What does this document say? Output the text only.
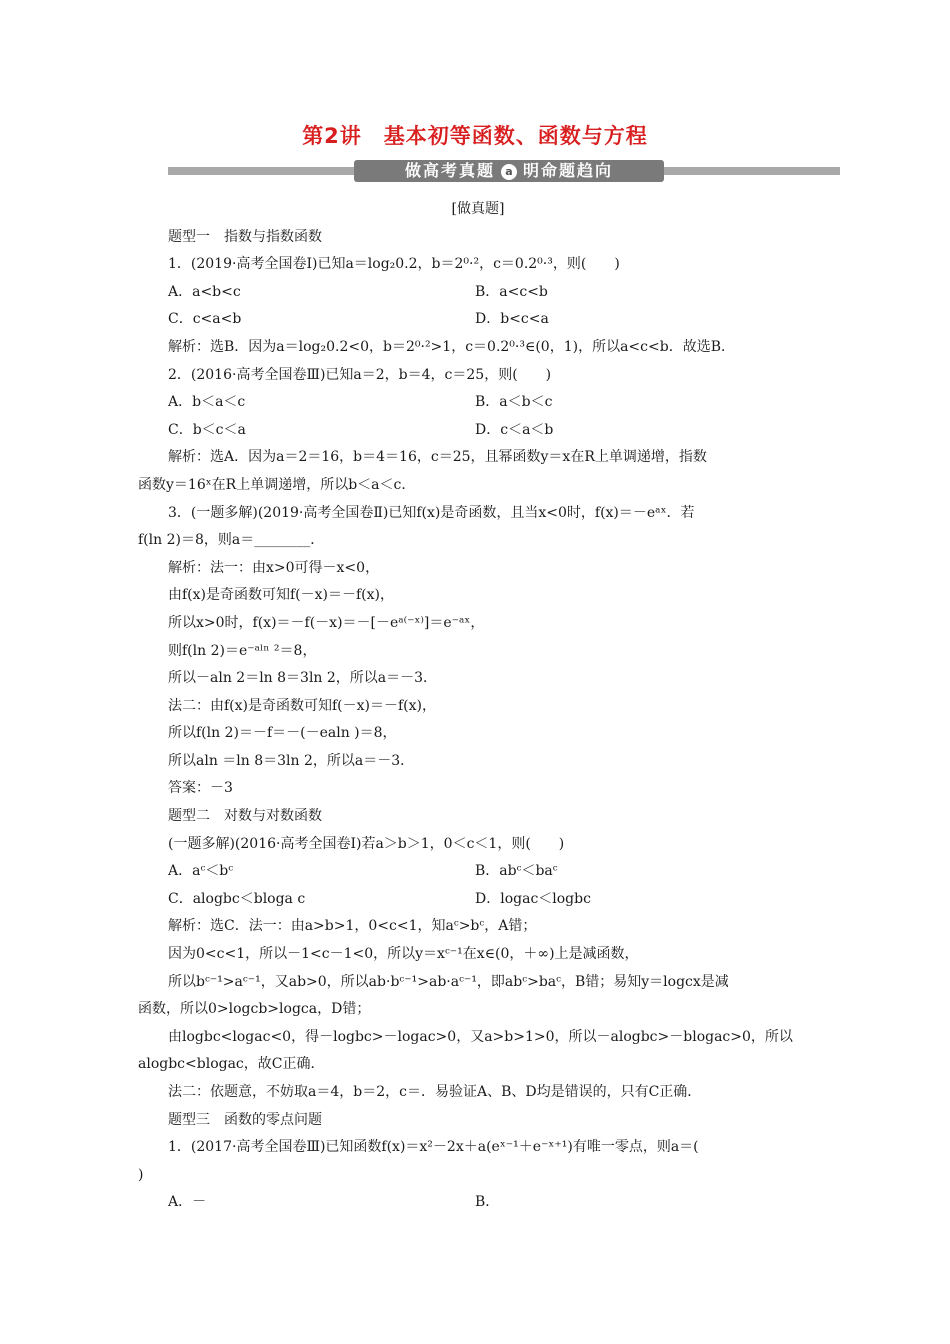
第2讲　基本初等函数、函数与方程
做高考真题 a 明命题趋向
[做真题]
题型一　指数与指数函数
1．(2019·高考全国卷Ⅰ)已知a＝log₂0.2，b＝2⁰·²，c＝0.2⁰·³，则(　　)
A．a<b<c	B．a<c<b
C．c<a<b	D．b<c<a
解析：选B．因为a＝log₂0.2<0，b＝2⁰·²>1，c＝0.2⁰·³∈(0，1)，所以a<c<b．故选B．
2．(2016·高考全国卷Ⅲ)已知a＝2，b＝4，c＝25，则(　　)
A．b＜a＜c	B．a＜b＜c
C．b＜c＜a	D．c＜a＜b
解析：选A．因为a＝2＝16，b＝4＝16，c＝25，且幂函数y＝x在R上单调递增，指数
函数y＝16ˣ在R上单调递增，所以b＜a＜c．
3．(一题多解)(2019·高考全国卷Ⅱ)已知f(x)是奇函数，且当x<0时，f(x)＝－eᵃˣ．若
f(ln 2)＝8，则a＝________．
解析：法一：由x>0可得－x<0，
由f(x)是奇函数可知f(－x)＝－f(x)，
所以x>0时，f(x)＝－f(－x)＝－[－eᵃ⁽⁻ˣ⁾]＝e⁻ᵃˣ，
则f(ln 2)＝e⁻ᵃˡⁿ ²＝8，
所以－aln 2＝ln 8＝3ln 2，所以a＝－3．
法二：由f(x)是奇函数可知f(－x)＝－f(x)，
所以f(ln 2)＝－f＝－(－ealn )＝8，
所以aln ＝ln 8＝3ln 2，所以a＝－3．
答案：－3
题型二　对数与对数函数
(一题多解)(2016·高考全国卷Ⅰ)若a＞b＞1，0＜c＜1，则(　　)
A．aᶜ＜bᶜ	B．abᶜ＜baᶜ
C．alogbc＜bloga c	D．logac＜logbc
解析：选C．法一：由a>b>1，0<c<1，知aᶜ>bᶜ，A错；
因为0<c<1，所以－1<c－1<0，所以y＝xᶜ⁻¹在x∈(0，＋∞)上是减函数，
所以bᶜ⁻¹>aᶜ⁻¹，又ab>0，所以ab·bᶜ⁻¹>ab·aᶜ⁻¹，即abᶜ>baᶜ，B错；易知y＝logcx是减
函数，所以0>logcb>logca，D错；
由logbc<logac<0，得－logbc>－logac>0，又a>b>1>0，所以－alogbc>－blogac>0，所以
alogbc<blogac，故C正确．
法二：依题意，不妨取a＝4，b＝2，c＝．易验证A、B、D均是错误的，只有C正确．
题型三　函数的零点问题
1．(2017·高考全国卷Ⅲ)已知函数f(x)＝x²－2x＋a(eˣ⁻¹＋e⁻ˣ⁺¹)有唯一零点，则a＝(
)
A．－	B．
